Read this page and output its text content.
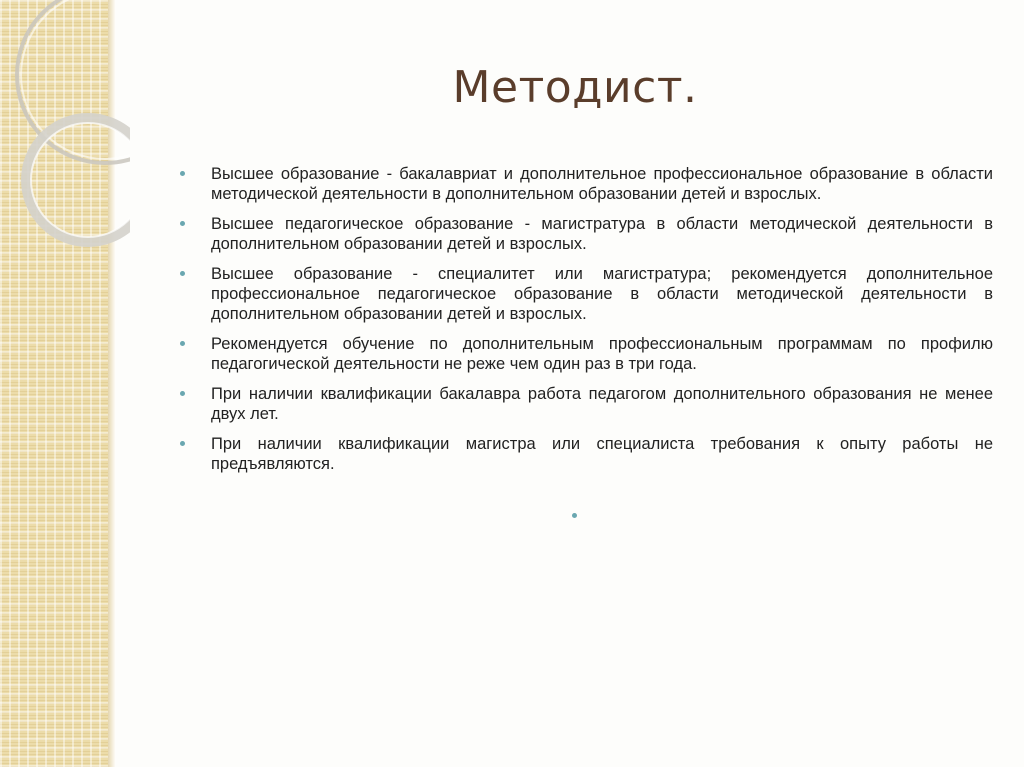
Методист.
Высшее образование - бакалавриат и дополнительное профессиональное образование в области методической деятельности в дополнительном образовании детей и взрослых.
Высшее педагогическое образование - магистратура в области методической деятельности в дополнительном образовании детей и взрослых.
Высшее образование - специалитет или магистратура; рекомендуется дополнительное профессиональное педагогическое образование в области методической деятельности в дополнительном образовании детей и взрослых.
Рекомендуется обучение по дополнительным профессиональным программам по профилю педагогической деятельности не реже чем один раз в три года.
При наличии квалификации бакалавра работа педагогом дополнительного образования не менее двух лет.
При наличии квалификации магистра или специалиста требования к опыту работы не предъявляются.
